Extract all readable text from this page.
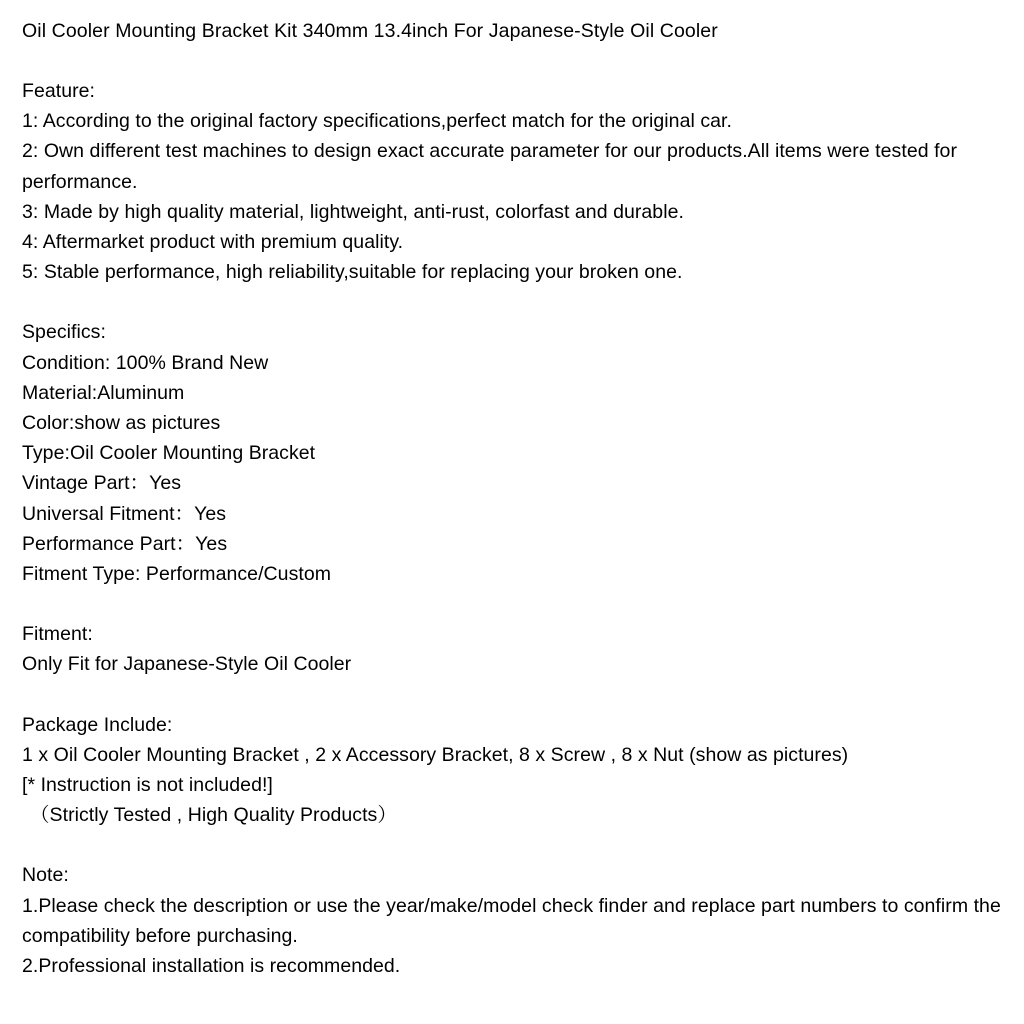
Oil Cooler Mounting Bracket Kit 340mm 13.4inch For Japanese-Style Oil Cooler
Feature:
1: According to the original factory specifications,perfect match for the original car.
2: Own different test machines to design exact accurate parameter for our products.All items were tested for performance.
3: Made by high quality material, lightweight, anti-rust, colorfast and durable.
4: Aftermarket product with premium quality.
5: Stable performance, high reliability,suitable for replacing your broken one.
Specifics:
Condition: 100% Brand New
Material:Aluminum
Color:show as pictures
Type:Oil Cooler Mounting Bracket
Vintage Part：Yes
Universal Fitment：Yes
Performance Part：Yes
Fitment Type: Performance/Custom
Fitment:
Only Fit for Japanese-Style Oil Cooler
Package Include:
1 x Oil Cooler Mounting Bracket , 2 x Accessory Bracket, 8 x Screw , 8 x Nut (show as pictures)
[* Instruction is not included!]
（Strictly Tested , High Quality Products）
Note:
1.Please check the description or use the year/make/model check finder and replace part numbers to confirm the compatibility before purchasing.
2.Professional installation is recommended.
